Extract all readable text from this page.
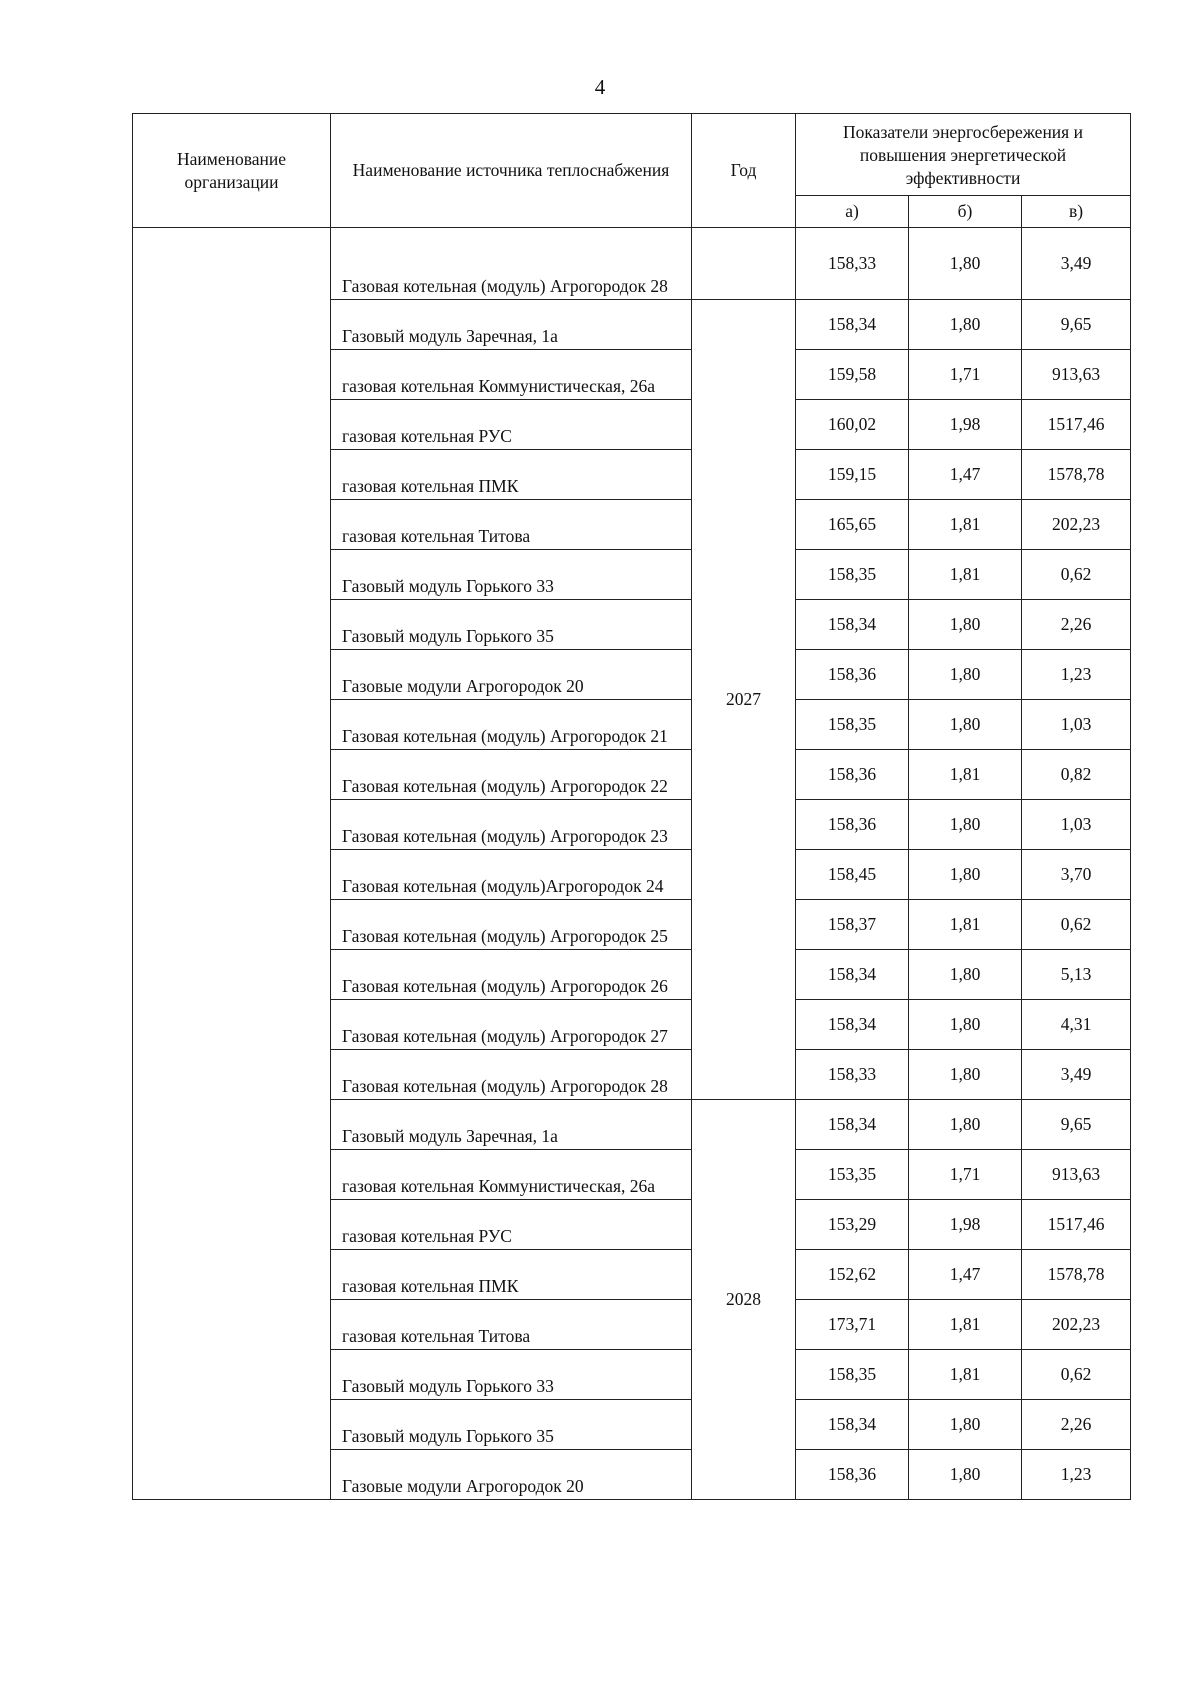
4
Наименование организации	Наименование источника теплоснабжения	Год	Показатели энергосбережения и повышения энергетической эффективности		
			а)	б)	в)
	Газовая котельная (модуль) Агрогородок 28		158,33	1,80	3,49
	Газовый модуль Заречная, 1а	2027	158,34	1,80	9,65
	газовая котельная Коммунистическая, 26а		159,58	1,71	913,63
	газовая котельная РУС		160,02	1,98	1517,46
	газовая котельная ПМК		159,15	1,47	1578,78
	газовая котельная Титова		165,65	1,81	202,23
	Газовый модуль Горького 33		158,35	1,81	0,62
	Газовый модуль Горького 35		158,34	1,80	2,26
	Газовые модули Агрогородок 20		158,36	1,80	1,23
	Газовая котельная (модуль) Агрогородок 21		158,35	1,80	1,03
	Газовая котельная (модуль) Агрогородок 22		158,36	1,81	0,82
	Газовая котельная (модуль) Агрогородок 23		158,36	1,80	1,03
	Газовая котельная (модуль)Агрогородок 24		158,45	1,80	3,70
	Газовая котельная (модуль) Агрогородок 25		158,37	1,81	0,62
	Газовая котельная (модуль) Агрогородок 26		158,34	1,80	5,13
	Газовая котельная (модуль) Агрогородок 27		158,34	1,80	4,31
	Газовая котельная (модуль) Агрогородок 28		158,33	1,80	3,49
	Газовый модуль Заречная, 1а	2028	158,34	1,80	9,65
	газовая котельная Коммунистическая, 26а		153,35	1,71	913,63
	газовая котельная РУС		153,29	1,98	1517,46
	газовая котельная ПМК		152,62	1,47	1578,78
	газовая котельная Титова		173,71	1,81	202,23
	Газовый модуль Горького 33		158,35	1,81	0,62
	Газовый модуль Горького 35		158,34	1,80	2,26
	Газовые модули Агрогородок 20		158,36	1,80	1,23
